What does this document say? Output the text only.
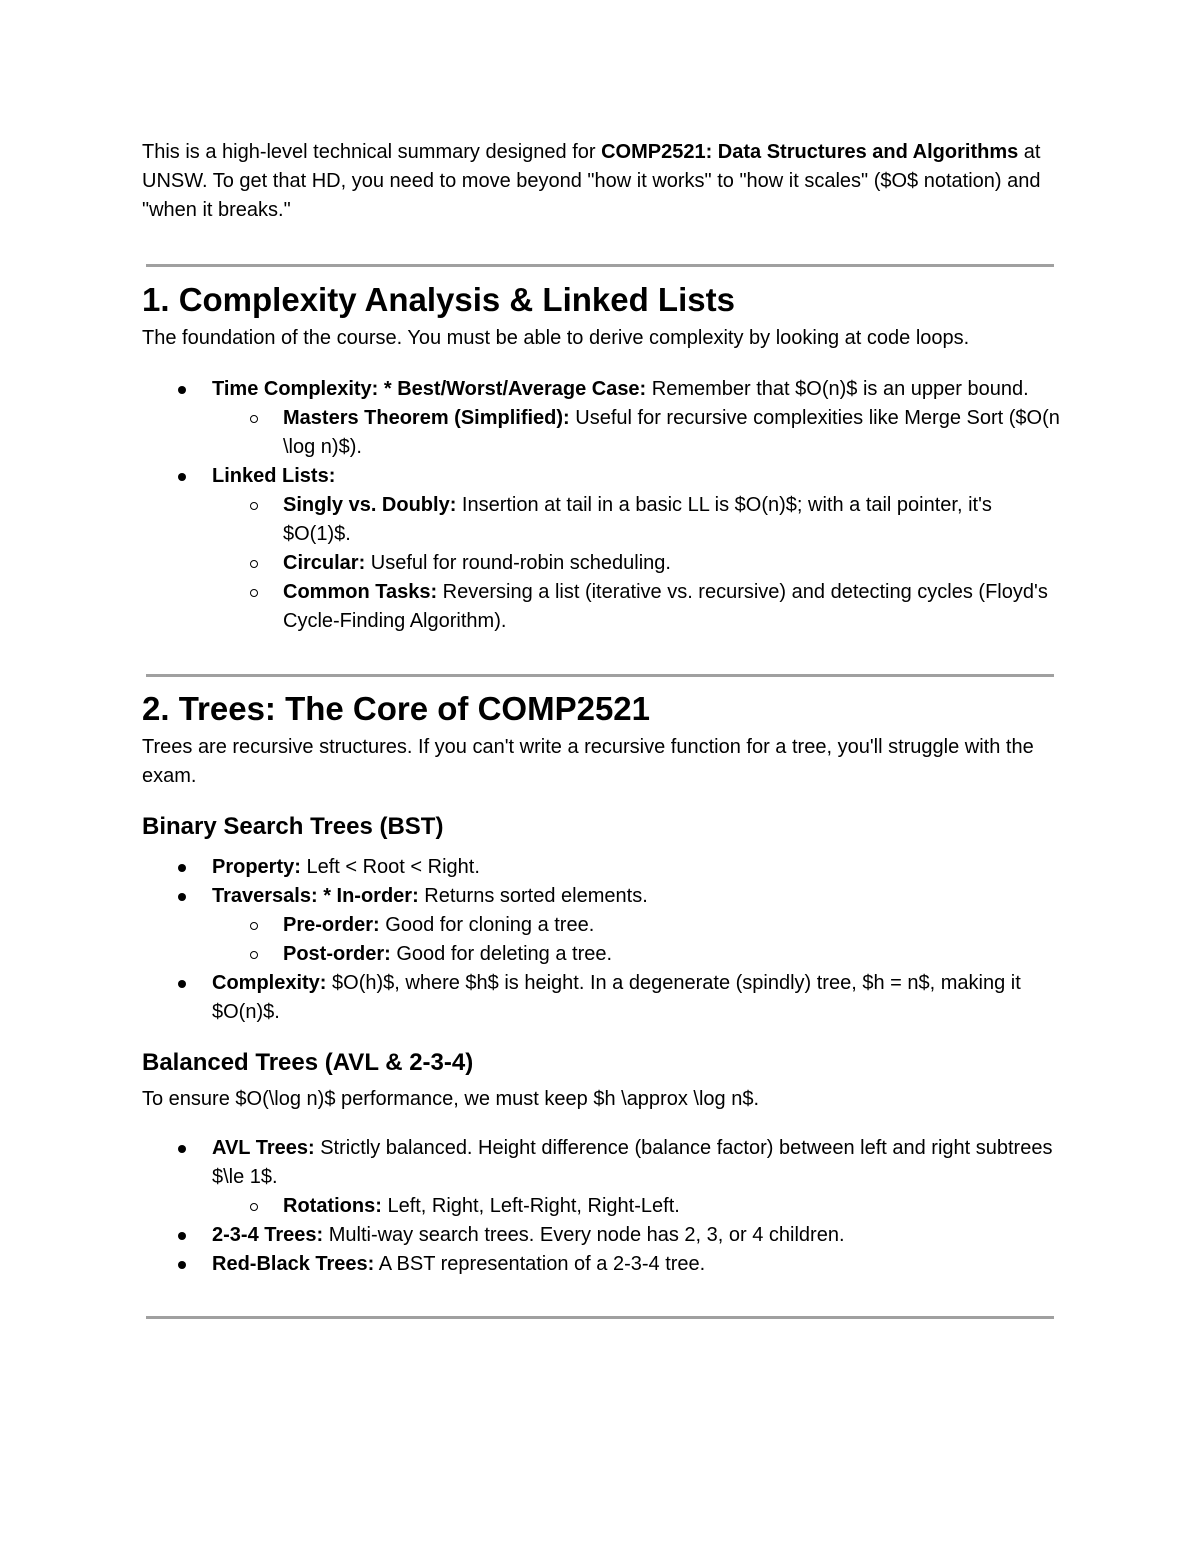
This is a high-level technical summary designed for COMP2521: Data Structures and Algorithms at UNSW. To get that HD, you need to move beyond "how it works" to "how it scales" ($O$ notation) and "when it breaks."

1. Complexity Analysis & Linked Lists

The foundation of the course. You must be able to derive complexity by looking at code loops.

Time Complexity: * Best/Worst/Average Case: Remember that $O(n)$ is an upper bound.
Masters Theorem (Simplified): Useful for recursive complexities like Merge Sort ($O(n \log n)$).
Linked Lists:
Singly vs. Doubly: Insertion at tail in a basic LL is $O(n)$; with a tail pointer, it's $O(1)$.
Circular: Useful for round-robin scheduling.
Common Tasks: Reversing a list (iterative vs. recursive) and detecting cycles (Floyd's Cycle-Finding Algorithm).
2. Trees: The Core of COMP2521

Trees are recursive structures. If you can't write a recursive function for a tree, you'll struggle with the exam.

Binary Search Trees (BST)
Property: Left < Root < Right.
Traversals: * In-order: Returns sorted elements.
Pre-order: Good for cloning a tree.
Post-order: Good for deleting a tree.
Complexity: $O(h)$, where $h$ is height. In a degenerate (spindly) tree, $h = n$, making it $O(n)$.
Balanced Trees (AVL & 2-3-4)

To ensure $O(\log n)$ performance, we must keep $h \approx \log n$.

AVL Trees: Strictly balanced. Height difference (balance factor) between left and right subtrees $\le 1$.
Rotations: Left, Right, Left-Right, Right-Left.
2-3-4 Trees: Multi-way search trees. Every node has 2, 3, or 4 children.
Red-Black Trees: A BST representation of a 2-3-4 tree.
